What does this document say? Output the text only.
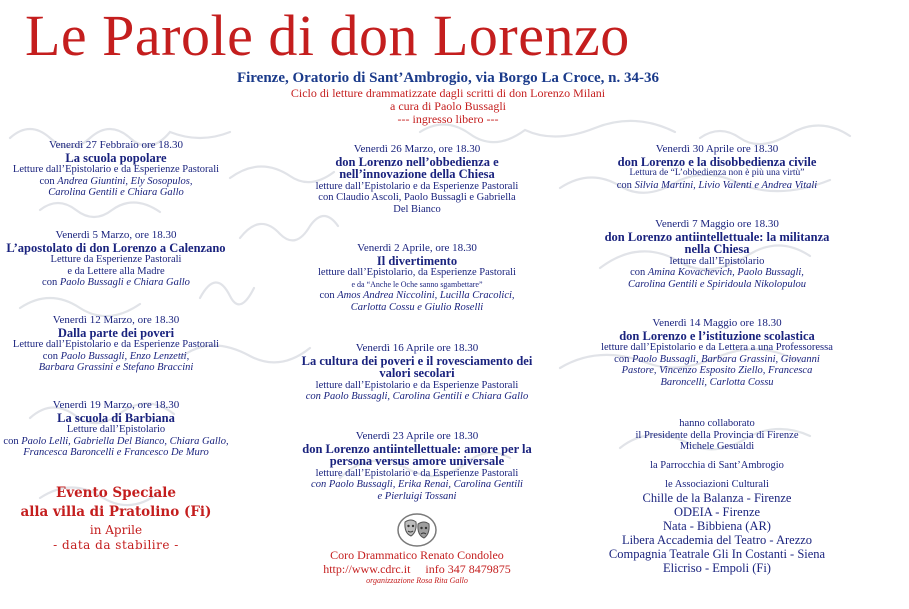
Le Parole di don Lorenzo
Firenze, Oratorio di Sant’Ambrogio, via Borgo La Croce, n. 34-36
Ciclo di letture drammatizzate dagli scritti di don Lorenzo Milani
a cura di Paolo Bussagli
--- ingresso libero ---
Venerdì 27 Febbraio ore 18.30
La scuola popolare
Letture dall’Epistolario e da Esperienze Pastorali
con Andrea Giuntini, Ely Sosopulos,
Carolina Gentili e Chiara Gallo
Venerdì 5 Marzo, ore 18.30
L’apostolato di don Lorenzo a Calenzano
Letture da Esperienze Pastorali
e da Lettere alla Madre
con Paolo Bussagli e Chiara Gallo
Venerdì 12 Marzo, ore 18.30
Dalla parte dei poveri
Letture dall’Epistolario e da Esperienze Pastorali
con Paolo Bussagli, Enzo Lenzetti,
Barbara Grassini e Stefano Braccini
Venerdì 19 Marzo, ore 18.30
La scuola di Barbiana
Letture dall’Epistolario
con Paolo Lelli, Gabriella Del Bianco, Chiara Gallo,
Francesca Baroncelli e Francesco De Muro
Evento Speciale
alla villa di Pratolino (Fi)
in Aprile
- data da stabilire -
Venerdì 26 Marzo, ore 18.30
don Lorenzo nell’obbedienza e nell’innovazione della Chiesa
letture dall’Epistolario e da Esperienze Pastorali
con Claudio Ascoli, Paolo Bussagli e Gabriella
Del Bianco
Venerdì 2 Aprile, ore 18.30
Il divertimento
letture dall’Epistolario, da Esperienze Pastorali
e da “Anche le Oche sanno sgambettare”
con Amos Andrea Niccolini, Lucilla Cracolici,
Carlotta Cossu e Giulio Roselli
Venerdì 16 Aprile ore 18.30
La cultura dei poveri e il rovesciamento dei valori secolari
letture dall’Epistolario e da Esperienze Pastorali
con Paolo Bussagli, Carolina Gentili e Chiara Gallo
Venerdì 23 Aprile ore 18.30
don Lorenzo antiintellettuale: amore per la persona versus amore universale
letture dall’Epistolario e da Esperienze Pastorali
con Paolo Bussagli, Erika Renai, Carolina Gentili
e Pierluigi Tossani
Coro Drammatico Renato Condoleo
http://www.cdrc.it     info 347 8479875
organizzazione Rosa Rita Gallo
Venerdì 30 Aprile ore 18.30
don Lorenzo e la disobbedienza civile
Lettura de “L’obbedienza non è più una virtù”
con Silvia Martini, Livio Valenti e Andrea Vitali
Venerdì 7 Maggio ore 18.30
don Lorenzo antiintellettuale: la militanza nella Chiesa
letture dall’Epistolario
con Amina Kovachevich, Paolo Bussagli,
Carolina Gentili e Spiridoula Nikolopulou
Venerdì 14 Maggio ore 18.30
don Lorenzo e l’istituzione scolastica
letture dall’Epistolario e da Lettera a una Professoressa
con Paolo Bussagli, Barbara Grassini, Giovanni
Pastore, Vincenzo Esposito Ziello, Francesca
Baroncelli, Carlotta Cossu
hanno collaborato
il Presidente della Provincia di Firenze
Michele Gesualdi
la Parrocchia di Sant’Ambrogio
le Associazioni Culturali
Chille de la Balanza - Firenze
ODEIA - Firenze
Nata - Bibbiena (AR)
Libera Accademia del Teatro - Arezzo
Compagnia Teatrale Gli In Costanti - Siena
Elicriso - Empoli (Fi)
